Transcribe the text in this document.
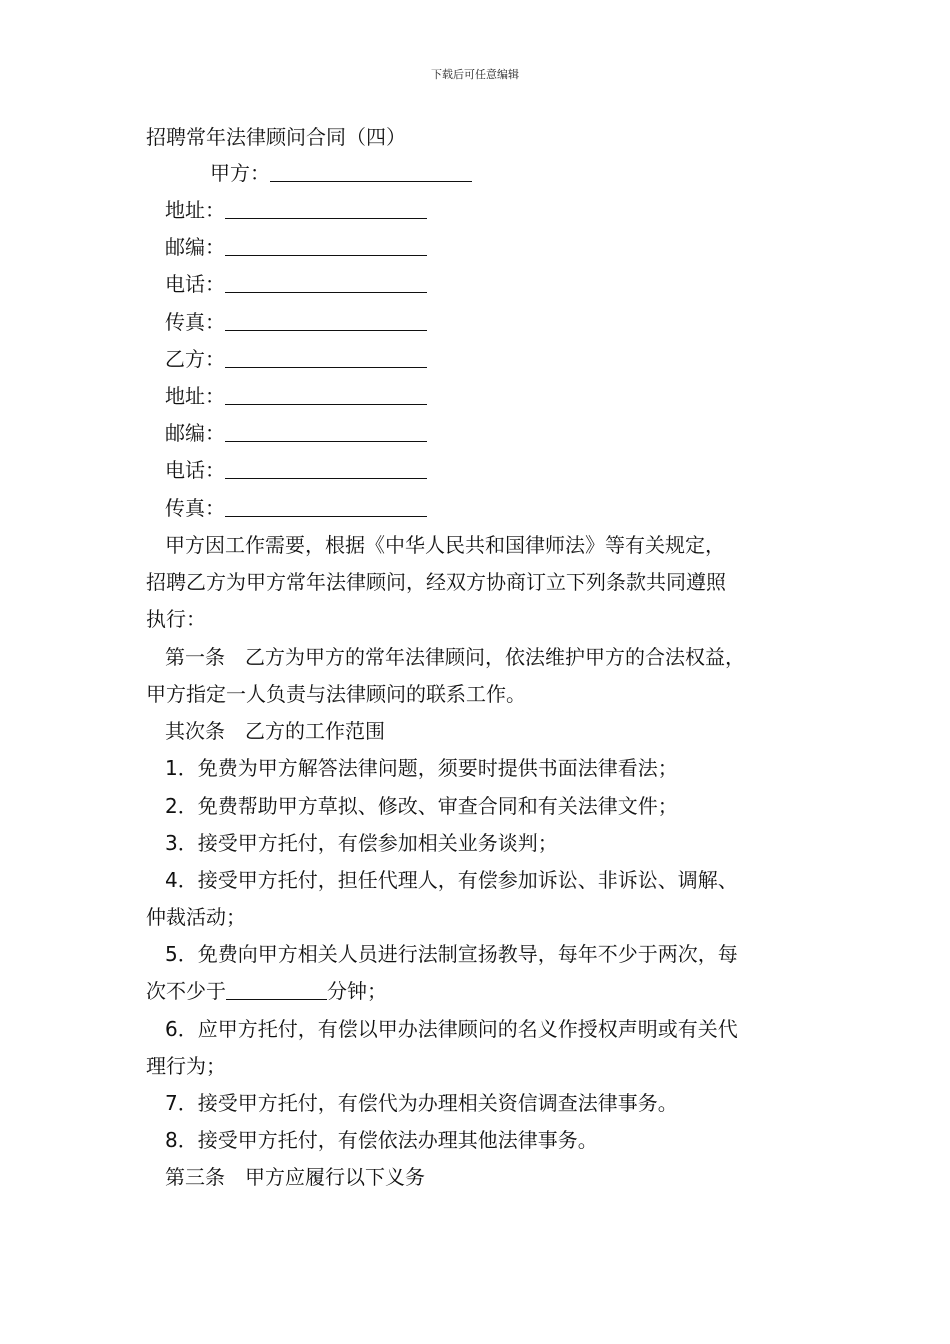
下载后可任意编辑
招聘常年法律顾问合同（四）
甲方：
地址：
邮编：
电话：
传真：
乙方：
地址：
邮编：
电话：
传真：
甲方因工作需要，根据《中华人民共和国律师法》等有关规定，
招聘乙方为甲方常年法律顾问，经双方协商订立下列条款共同遵照
执行：
第一条　乙方为甲方的常年法律顾问，依法维护甲方的合法权益，
甲方指定一人负责与法律顾问的联系工作。
其次条　乙方的工作范围
1．免费为甲方解答法律问题，须要时提供书面法律看法；
2．免费帮助甲方草拟、修改、审查合同和有关法律文件；
3．接受甲方托付，有偿参加相关业务谈判；
4．接受甲方托付，担任代理人，有偿参加诉讼、非诉讼、调解、
仲裁活动；
5．免费向甲方相关人员进行法制宣扬教导，每年不少于两次，每
次不少于	分钟；
6．应甲方托付，有偿以甲办法律顾问的名义作授权声明或有关代
理行为；
7．接受甲方托付，有偿代为办理相关资信调查法律事务。
8．接受甲方托付，有偿依法办理其他法律事务。
第三条　甲方应履行以下义务
